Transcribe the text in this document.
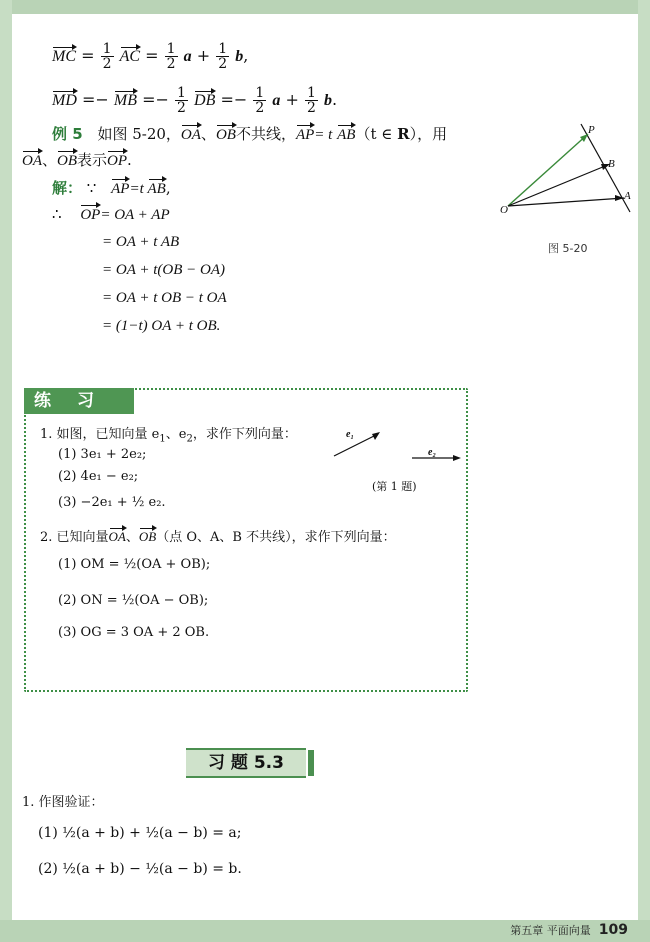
MC = $\frac{1}{2}$ AC = $\frac{1}{2}$ $a + \frac{1}{2} b$,
MD =− MB =− $\frac{1}{2}$ DB =− $\frac{1}{2}$ $a + \frac{1}{2} b$.
例 5 如图 5-20，OA、OB不共线，AP= t AB（t ∈ R），用
OA、OB表示OP.
解： ∵ AP=t AB,
∴ OP= OA + AP
= OA + t AB
= OA + t(OB − OA)
= OA + t OB − t OA
= (1−t) OA + t OB.
P
B
A
O
图 5-20
练习
1. 如图，已知向量 $e_1$、$e_2$，求作下列向量：
(1) 3e₁ + 2e₂;
(2) 4e₁ − e₂;
(3) −2e₁ + ½ e₂.
e₁
e₂
(第 1 题)
2. 已知向量OA、OB（点 O、A、B 不共线），求作下列向量：
(1) OM = ½(OA + OB);
(2) ON = ½(OA − OB);
(3) OG = 3 OA + 2 OB.
习 题 5.3
1. 作图验证：
(1) ½(a + b) + ½(a − b) = a;
(2) ½(a + b) − ½(a − b) = b.
第五章 平面向量 109
